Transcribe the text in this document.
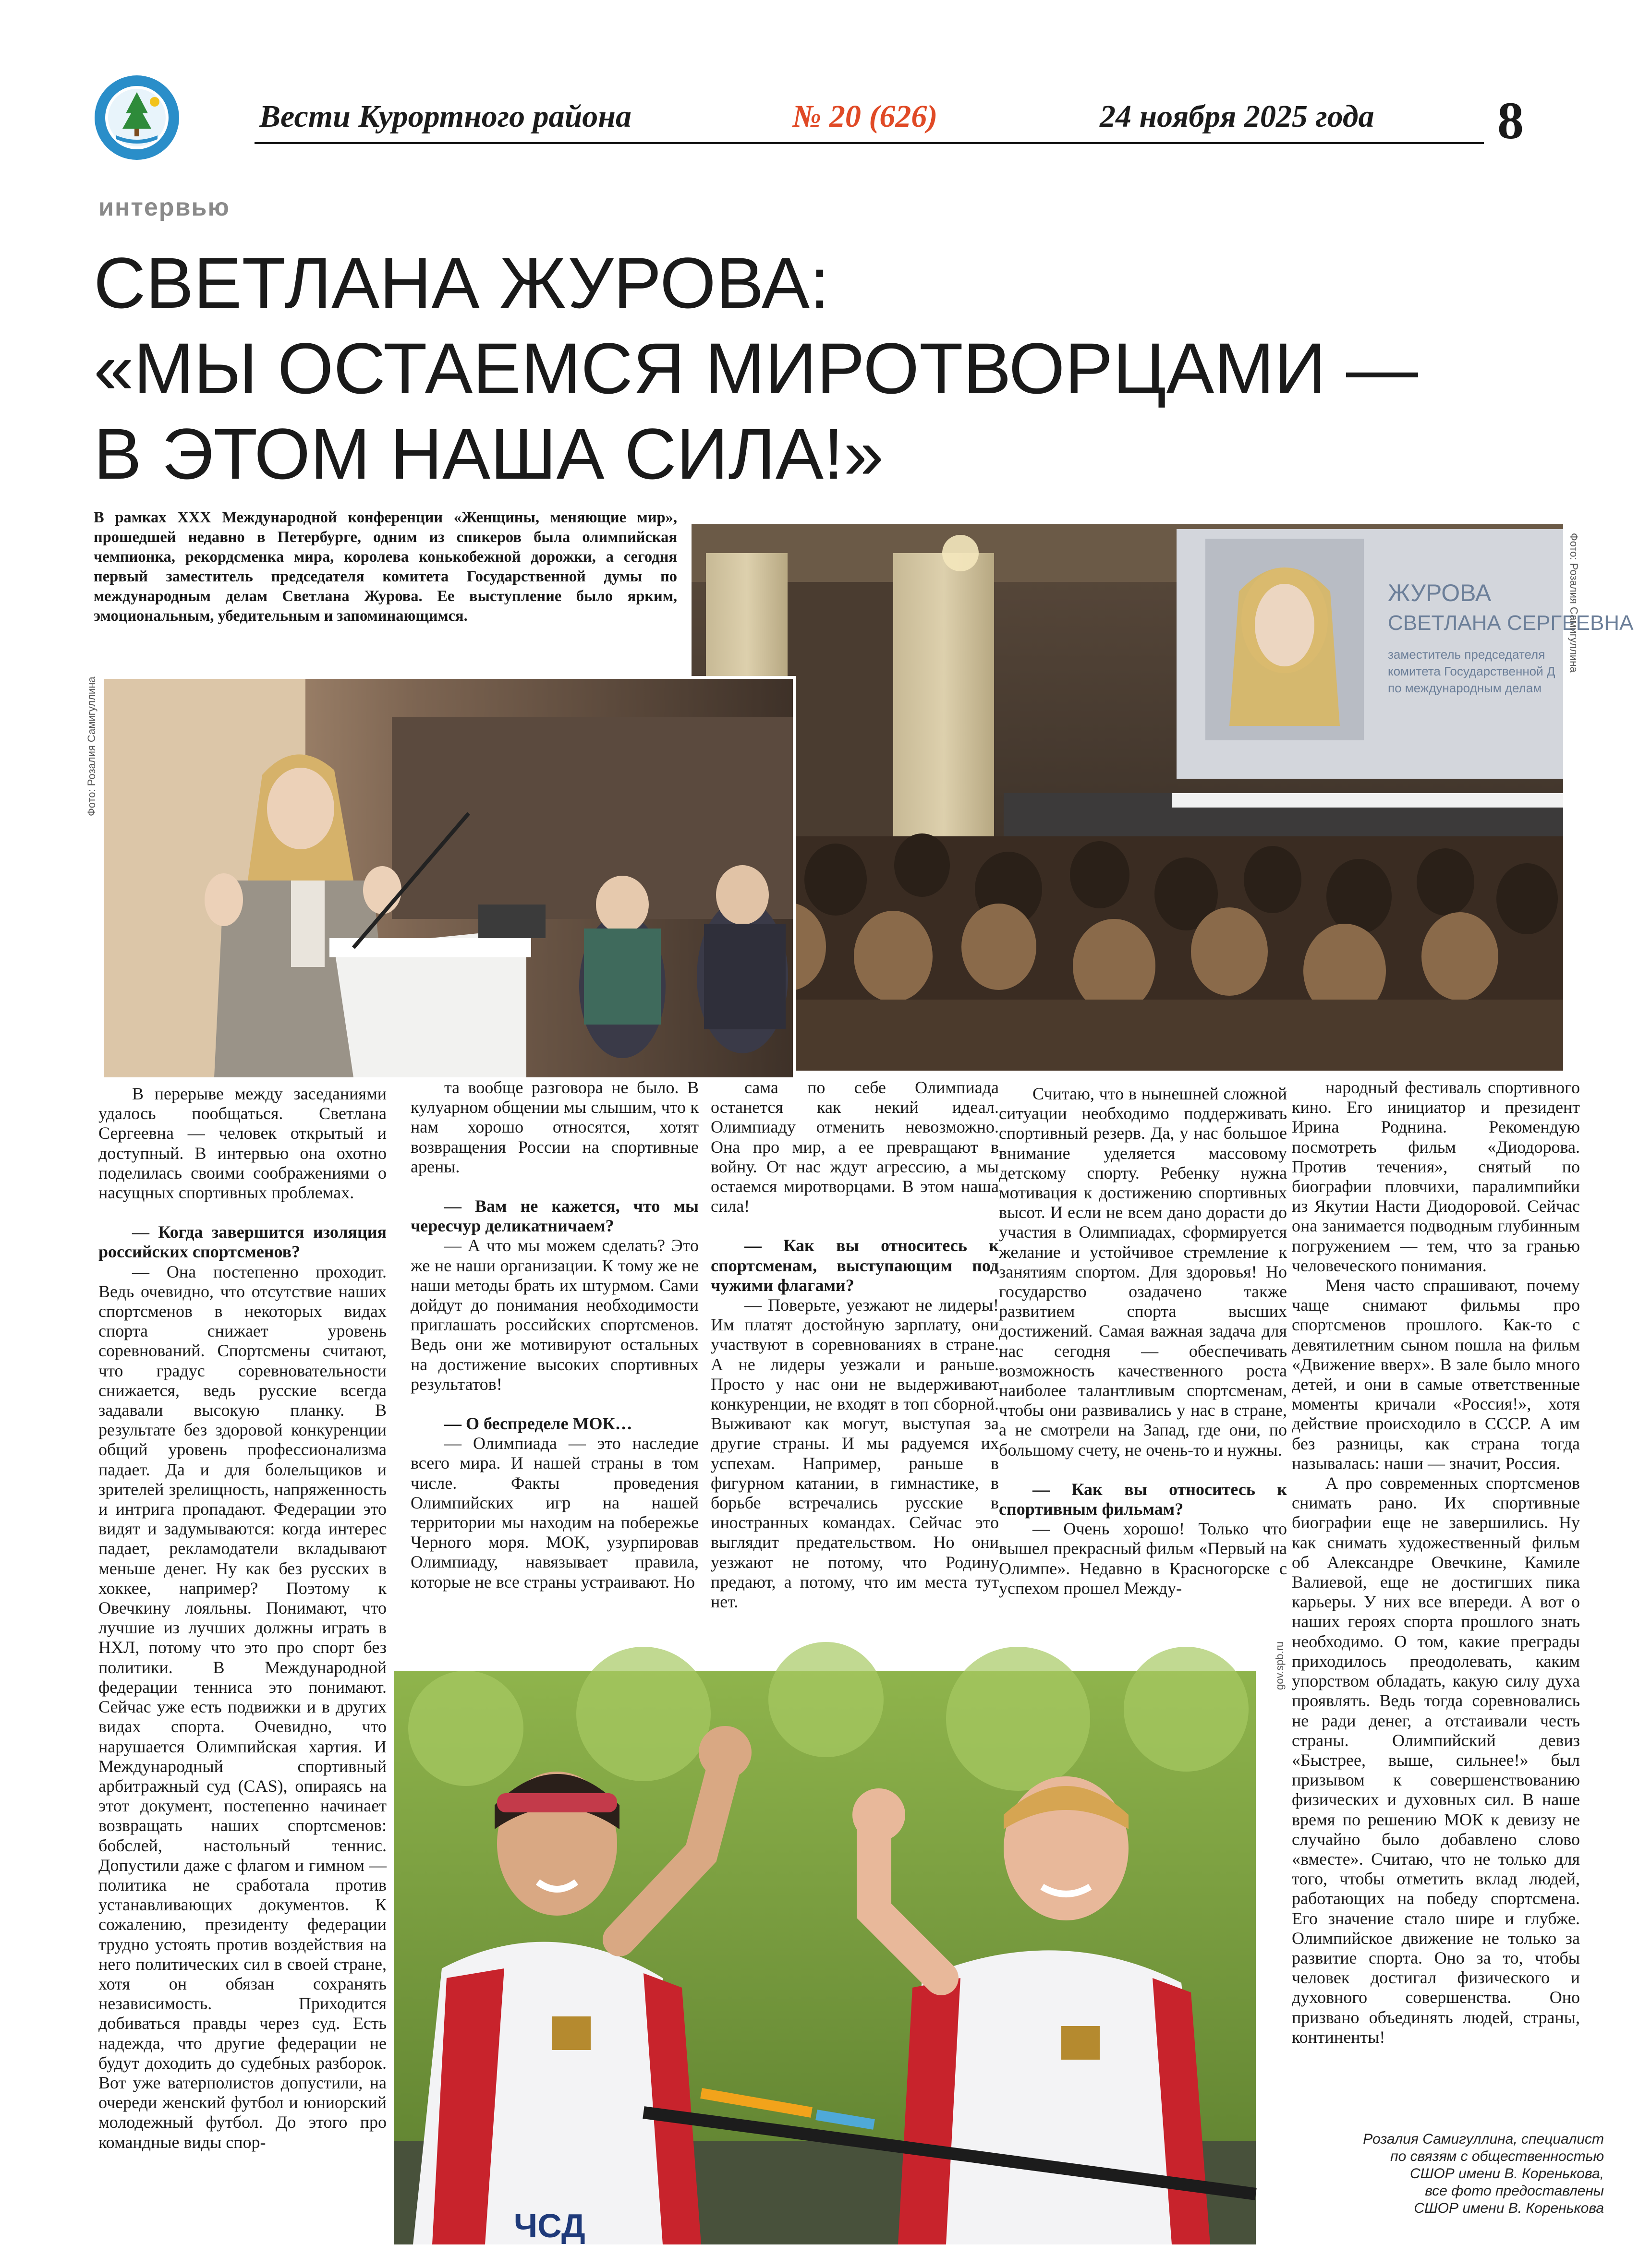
Вести Курортного района	№ 20 (626)	24 ноября 2025 года 8
интервью
СВЕТЛАНА ЖУРОВА:
«МЫ ОСТАЕМСЯ МИРОТВОРЦАМИ —
В ЭТОМ НАША СИЛА!»
В рамках XXX Международной конференции «Женщины, меняющие мир», прошедшей недавно в Петербурге, одним из спикеров была олимпийская чемпионка, рекордсменка мира, королева конькобежной дорожки, а сегодня первый заместитель председателя комитета Государственной думы по международным делам Светлана Журова. Ее выступление было ярким, эмоциональным, убедительным и запоминающимся.
ЖУРОВА
СВЕТЛАНА СЕРГЕЕВНА
заместитель председателя
комитета Государственной Д
по международным делам
Фото: Розалия Самигуллина
Фото: Розалия Самигуллина

В перерыве между заседаниями удалось пообщаться. Светлана Сергеевна — человек открытый и доступный. В интервью она охотно поделилась своими соображениями о насущных спортивных проблемах.

— Когда завершится изоляция российских спортсменов?

— Она постепенно проходит. Ведь очевидно, что отсутствие наших спортсменов в некоторых видах спорта снижает уровень соревнований. Спортсмены считают, что градус соревновательности снижается, ведь русские всегда задавали высокую планку. В результате без здоровой конкуренции общий уровень профессионализма падает. Да и для болельщиков и зрителей зрелищность, напряженность и интрига пропадают. Федерации это видят и задумываются: когда интерес падает, рекламодатели вкладывают меньше денег. Ну как без русских в хоккее, например? Поэтому к Овечкину лояльны. Понимают, что лучшие из лучших должны играть в НХЛ, потому что это про спорт без политики. В Международной федерации тенниса это понимают. Сейчас уже есть подвижки и в других видах спорта. Очевидно, что нарушается Олимпийская хартия. И Международный спортивный арбитражный суд (CAS), опираясь на этот документ, постепенно начинает возвращать наших спортсменов: бобслей, настольный теннис. Допустили даже с флагом и гимном — политика не сработала против устанавливающих документов. К сожалению, президенту федерации трудно устоять против воздействия на него политических сил в своей стране, хотя он обязан сохранять независимость. Приходится добиваться правды через суд. Есть надежда, что другие федерации не будут доходить до судебных разборок. Вот уже ватерполистов допустили, на очереди женский футбол и юниорский молодежный футбол. До этого про командные виды спор-

та вообще разговора не было. В кулуарном общении мы слышим, что к нам хорошо относятся, хотят возвращения России на спортивные арены.

— Вам не кажется, что мы чересчур деликатничаем?

— А что мы можем сделать? Это же не наши организации. К тому же не наши методы брать их штурмом. Сами дойдут до понимания необходимости приглашать российских спортсменов. Ведь они же мотивируют остальных на достижение высоких спортивных результатов!

— О беспределе МОК…

— Олимпиада — это наследие всего мира. И нашей страны в том числе. Факты проведения Олимпийских игр на нашей территории мы находим на побережье Черного моря. МОК, узурпировав Олимпиаду, навязывает правила, которые не все страны устраивают. Но

сама по себе Олимпиада останется как некий идеал. Олимпиаду отменить невозможно. Она про мир, а ее превращают в войну. От нас ждут агрессию, а мы остаемся миротворцами. В этом наша сила!

— Как вы относитесь к спортсменам, выступающим под чужими флагами?

— Поверьте, уезжают не лидеры! Им платят достойную зарплату, они участвуют в соревнованиях в стране. А не лидеры уезжали и раньше. Просто у нас они не выдерживают конкуренции, не входят в топ сборной. Выживают как могут, выступая за другие страны. И мы радуемся их успехам. Например, раньше в фигурном катании, в гимнастике, в борьбе встречались русские в иностранных командах. Сейчас это выглядит предательством. Но они уезжают не потому, что Родину предают, а потому, что им места тут нет.

Считаю, что в нынешней сложной ситуации необходимо поддерживать спортивный резерв. Да, у нас большое внимание уделяется массовому детскому спорту. Ребенку нужна мотивация к достижению спортивных высот. И если не всем дано дорасти до участия в Олимпиадах, сформируется желание и устойчивое стремление к занятиям спортом. Для здоровья! Но государство озадачено также развитием спорта высших достижений. Самая важная задача для нас сегодня — обеспечивать возможность качественного роста наиболее талантливым спортсменам, чтобы они развивались у нас в стране, а не смотрели на Запад, где они, по большому счету, не очень-то и нужны.

— Как вы относитесь к спортивным фильмам?

— Очень хорошо! Только что вышел прекрасный фильм «Первый на Олимпе». Недавно в Красногорске с успехом прошел Между-

народный фестиваль спортивного кино. Его инициатор и президент Ирина Роднина. Рекомендую посмотреть фильм «Диодорова. Против течения», снятый по биографии пловчихи, паралимпийки из Якутии Насти Диодоровой. Сейчас она занимается подводным глубинным погружением — тем, что за гранью человеческого понимания.

Меня часто спрашивают, почему чаще снимают фильмы про спортсменов прошлого. Как-то с девятилетним сыном пошла на фильм «Движение вверх». В зале было много детей, и они в самые ответственные моменты кричали «Россия!», хотя действие происходило в СССР. А им без разницы, как страна тогда называлась: наши — значит, Россия.

А про современных спортсменов снимать рано. Их спортивные биографии еще не завершились. Ну как снимать художественный фильм об Александре Овечкине, Камиле Валиевой, еще не достигших пика карьеры. У них все впереди. А вот о наших героях спорта прошлого знать необходимо. О том, какие преграды приходилось преодолевать, каким упорством обладать, какую силу духа проявлять. Ведь тогда соревновались не ради денег, а отстаивали честь страны. Олимпийский девиз «Быстрее, выше, сильнее!» был призывом к совершенствованию физических и духовных сил. В наше время по решению МОК к девизу не случайно было добавлено слово «вместе». Считаю, что не только для того, чтобы отметить вклад людей, работающих на победу спортсмена. Его значение стало шире и глубже. Олимпийское движение не только за развитие спорта. Оно за то, чтобы человек достигал физического и духовного совершенства. Оно призвано объединять людей, страны, континенты!

ЧСД
gov.spb.ru
Розалия Самигуллина, специалист
по связям с общественностью
СШОР имени В. Коренькова,
все фото предоставлены
СШОР имени В. Коренькова
